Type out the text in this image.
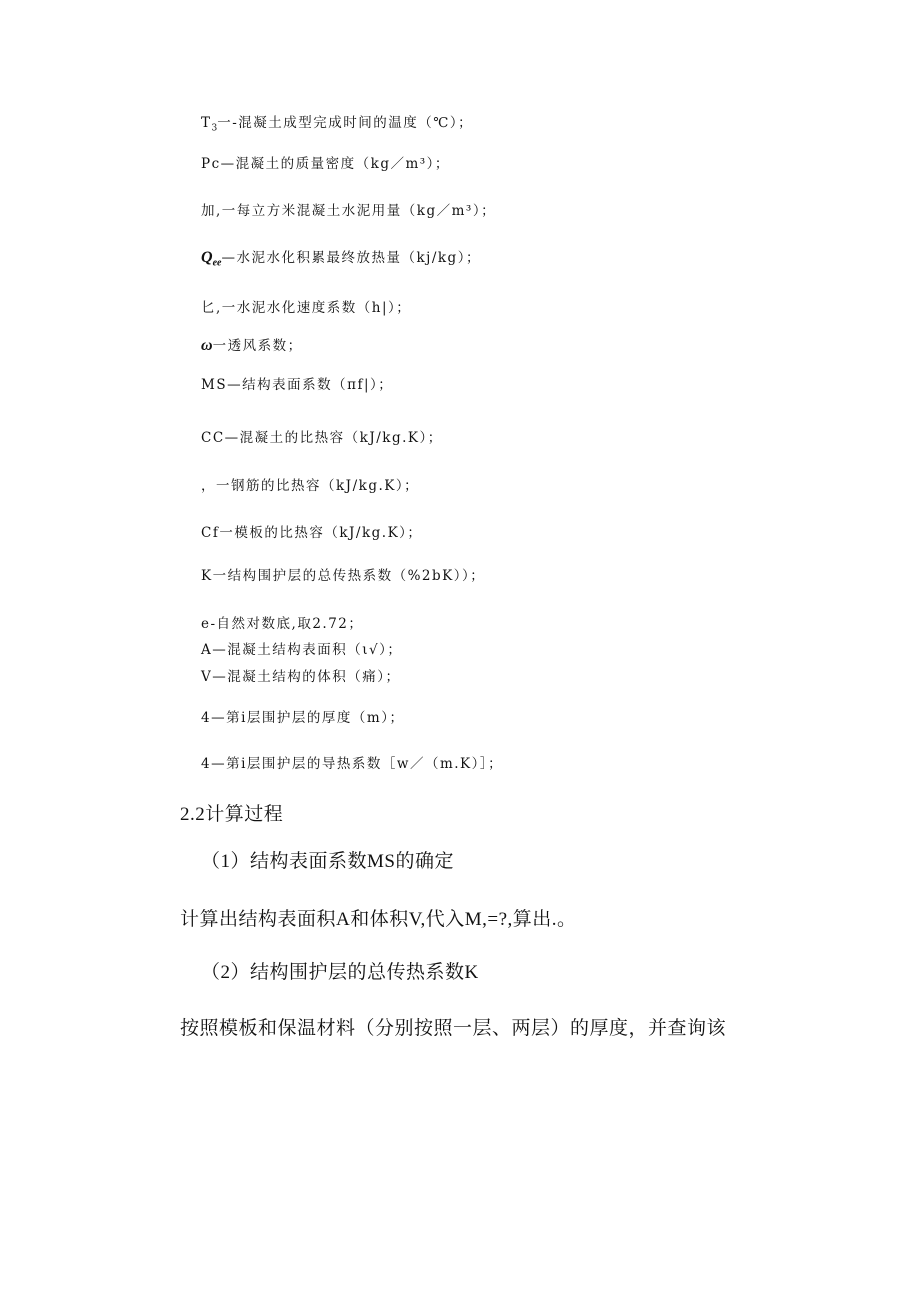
$T_3$一-混凝土成型完成时间的温度（℃）；
Pc—混凝土的质量密度（kg／m³）；
加,一每立方米混凝土水泥用量（kg／m³）；
$Q_{ee}—$水泥水化积累最终放热量（kj/kg）；
匕,一水泥水化速度系数（h|）；
ω一透风系数；
MS—结构表面系数（πf|）；
CC—混凝土的比热容（kJ/kg.K）；
，一钢筋的比热容（kJ/kg.K）；
Cf一模板的比热容（kJ/kg.K）；
K一结构围护层的总传热系数（%2bK））；
e-自然对数底,取2.72；
A—混凝土结构表面积（ι√）；
V—混凝土结构的体积（痛）；
4—第i层围护层的厚度（m）；
4—第i层围护层的导热系数［w／（m.K）］；
2.2计算过程
（1）结构表面系数MS的确定
计算出结构表面积A和体积V,代入M,=?,算出.。
（2）结构围护层的总传热系数K
按照模板和保温材料（分别按照一层、两层）的厚度，并查询该
